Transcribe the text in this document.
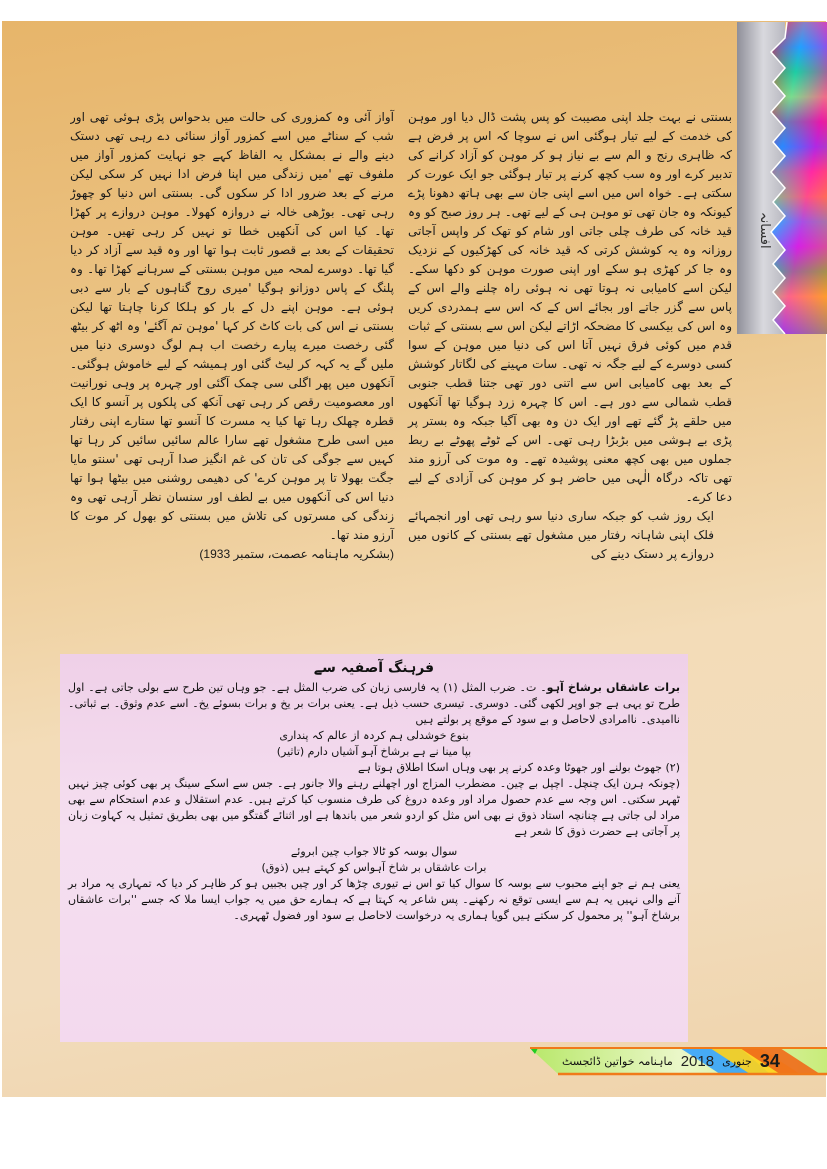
افسانہ

بسنتی نے بہت جلد اپنی مصیبت کو پس پشت ڈال دیا اور موہن کی خدمت کے لیے تیار ہوگئی اس نے سوچا کہ اس پر فرض ہے کہ ظاہری رنج و الم سے بے نیاز ہو کر موہن کو آزاد کرانے کی تدبیر کرے اور وہ سب کچھ کرنے پر تیار ہوگئی جو ایک عورت کر سکتی ہے۔ خواہ اس میں اسے اپنی جان سے بھی ہاتھ دھونا پڑے کیونکہ وہ جان تھی تو موہن ہی کے لیے تھی۔ ہر روز صبح کو وہ قید خانہ کی طرف چلی جاتی اور شام کو تھک کر واپس آجاتی روزانہ وہ یہ کوشش کرتی کہ قید خانہ کی کھڑکیوں کے نزدیک وہ جا کر کھڑی ہو سکے اور اپنی صورت موہن کو دکھا سکے۔ لیکن اسے کامیابی نہ ہوتا تھی نہ ہوئی راہ چلنے والے اس کے پاس سے گزر جاتے اور بجائے اس کے کہ اس سے ہمدردی کریں وہ اس کی بیکسی کا مضحکہ اڑاتے لیکن اس سے بسنتی کے ثبات قدم میں کوئی فرق نہیں آتا اس کی دنیا میں موہن کے سوا کسی دوسرے کے لیے جگہ نہ تھی۔ سات مہینے کی لگاتار کوشش کے بعد بھی کامیابی اس سے اتنی دور تھی جتنا قطب جنوبی قطب شمالی سے دور ہے۔ اس کا چہرہ زرد ہوگیا تھا آنکھوں میں حلقے پڑ گئے تھے اور ایک دن وہ بھی آگیا جبکہ وہ بستر پر پڑی بے ہوشی میں بڑبڑا رہی تھی۔ اس کے ٹوٹے پھوٹے بے ربط جملوں میں بھی کچھ معنی پوشیدہ تھے۔ وہ موت کی آرزو مند تھی تاکہ درگاہ الٰہی میں حاضر ہو کر موہن کی آزادی کے لیے دعا کرے۔

ایک روز شب کو جبکہ ساری دنیا سو رہی تھی اور انجمہائے فلک اپنی شاہانہ رفتار میں مشغول تھے بسنتی کے کانوں میں دروازے پر دستک دینے کی

آواز آئی وہ کمزوری کی حالت میں بدحواس پڑی ہوئی تھی اور شب کے سناٹے میں اسے کمزور آواز سنائی دے رہی تھی دستک دینے والے نے بمشکل یہ الفاظ کہے جو نہایت کمزور آواز میں ملفوف تھے 'میں زندگی میں اپنا فرض ادا نہیں کر سکی لیکن مرنے کے بعد ضرور ادا کر سکوں گی۔ بسنتی اس دنیا کو چھوڑ رہی تھی۔ بوڑھی خالہ نے دروازہ کھولا۔ موہن دروازے پر کھڑا تھا۔ کیا اس کی آنکھیں خطا تو نہیں کر رہی تھیں۔ موہن تحقیقات کے بعد بے قصور ثابت ہوا تھا اور وہ قید سے آزاد کر دیا گیا تھا۔ دوسرے لمحہ میں موہن بسنتی کے سرہانے کھڑا تھا۔ وہ پلنگ کے پاس دوزانو ہوگیا 'میری روح گناہوں کے بار سے دبی ہوئی ہے۔ موہن اپنے دل کے بار کو ہلکا کرنا چاہتا تھا لیکن بسنتی نے اس کی بات کاٹ کر کہا 'موہن تم آگئے' وہ اٹھ کر بیٹھ گئی رخصت میرے پیارے رخصت اب ہم لوگ دوسری دنیا میں ملیں گے یہ کہہ کر لیٹ گئی اور ہمیشہ کے لیے خاموش ہوگئی۔ آنکھوں میں پھر اگلی سی چمک آگئی اور چہرہ پر وہی نورانیت اور معصومیت رقص کر رہی تھی آنکھ کی پلکوں پر آنسو کا ایک قطرہ چھلک رہا تھا کیا یہ مسرت کا آنسو تھا ستارے اپنی رفتار میں اسی طرح مشغول تھے سارا عالم سائیں سائیں کر رہا تھا کہیں سے جوگی کی تان کی غم انگیز صدا آرہی تھی 'سنتو مایا جگت بھولا تا پر موہن کرے' کی دھیمی روشنی میں بیٹھا ہوا تھا دنیا اس کی آنکھوں میں بے لطف اور سنسان نظر آرہی تھی وہ زندگی کی مسرتوں کی تلاش میں بسنتی کو بھول کر موت کا آرزو مند تھا۔

(بشکریہ ماہنامہ عصمت، ستمبر 1933)

فرہنگ آصفیہ سے

برات عاشقاں برشاخ آہو۔ ت۔ ضرب المثل (۱) یہ فارسی زبان کی ضرب المثل ہے۔ جو وہاں تین طرح سے بولی جاتی ہے۔ اول طرح تو یہی ہے جو اوپر لکھی گئی۔ دوسری۔ تیسری حسب ذیل ہے۔ یعنی برات بر یخ و برات بسوئے یخ۔ اسے عدم وثوق۔ بے ثباتی۔ ناامیدی۔ ناامرادی لاحاصل و بے سود کے موقع پر بولتے ہیں

بنوع خوشدلی ہم کردہ از عالم کہ پنداری

بپا مینا نے ہے برشاخ آہو آشیاں دارم (تاثیر)

(۲) جھوٹ بولنے اور جھوٹا وعدہ کرنے پر بھی وہاں اسکا اطلاق ہوتا ہے

(چونکہ ہرن ایک چنچل۔ اچپل بے چین۔ مضطرب المزاج اور اچھلنے رہنے والا جانور ہے۔ جس سے اسکے سینگ پر بھی کوئی چیز نہیں ٹھہر سکتی۔ اس وجہ سے عدم حصول مراد اور وعدہ دروغ کی طرف منسوب کیا کرتے ہیں۔ عدم استقلال و عدم استحکام سے بھی مراد لی جاتی ہے چنانچہ استاد ذوق نے بھی اس مثل کو اردو شعر میں باندھا ہے اور اثنائے گفتگو میں بھی بطریق تمثیل یہ کہاوت زبان پر آجاتی ہے حضرت ذوق کا شعر ہے

سوال بوسہ کو ٹالا جواب چین ابروئے

برات عاشقاں بر شاخ آہواس کو کہتے ہیں (ذوق)

یعنی ہم نے جو اپنے محبوب سے بوسہ کا سوال کیا تو اس نے تیوری چڑھا کر اور چیں بجبیں ہو کر ظاہر کر دیا کہ تمہاری یہ مراد بر آنے والی نہیں یہ ہم سے ایسی توقع نہ رکھنے۔ پس شاعر یہ کہتا ہے کہ ہمارے حق میں یہ جواب ایسا ملا کہ جسے ''برات عاشقاں برشاخ آہو'' پر محمول کر سکتے ہیں گویا ہماری یہ درخواست لاحاصل بے سود اور فضول ٹھہری۔

34
جنوری
2018
ماہنامہ خواتین ڈائجسٹ
